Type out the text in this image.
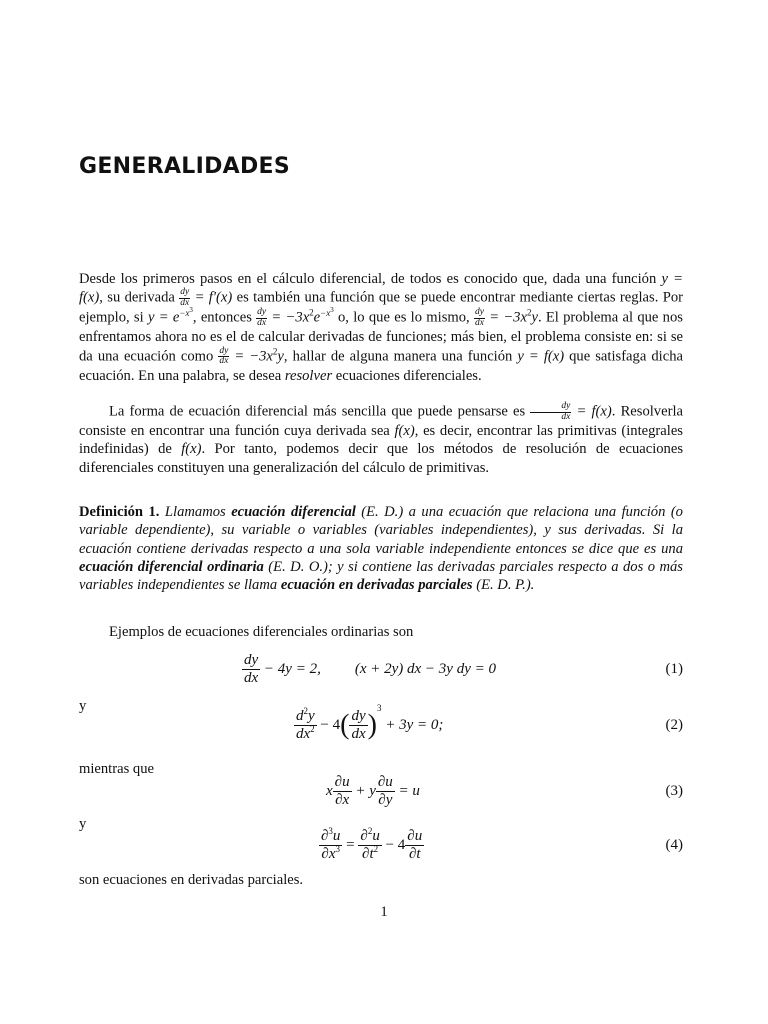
GENERALIDADES
Desde los primeros pasos en el cálculo diferencial, de todos es conocido que, dada una función y = f(x), su derivada $\frac{dy}{dx} = f'(x)$ es también una función que se puede encontrar mediante ciertas reglas. Por ejemplo, si $y = e^{-x^3}$, entonces $\frac{dy}{dx} = -3x^2e^{-x^3}$ o, lo que es lo mismo, $\frac{dy}{dx} = -3x^2y$. El problema al que nos enfrentamos ahora no es el de calcular derivadas de funciones; más bien, el problema consiste en: si se da una ecuación como $\frac{dy}{dx} = -3x^2y$, hallar de alguna manera una función y = f(x) que satisfaga dicha ecuación. En una palabra, se desea resolver ecuaciones diferenciales.
La forma de ecuación diferencial más sencilla que puede pensarse es $\frac{dy}{dx} = f(x)$. Resolverla consiste en encontrar una función cuya derivada sea f(x), es decir, encontrar las primitivas (integrales indefinidas) de f(x). Por tanto, podemos decir que los métodos de resolución de ecuaciones diferenciales constituyen una generalización del cálculo de primitivas.
Definición 1. Llamamos ecuación diferencial (E. D.) a una ecuación que relaciona una función (o variable dependiente), su variable o variables (variables independientes), y sus derivadas. Si la ecuación contiene derivadas respecto a una sola variable independiente entonces se dice que es una ecuación diferencial ordinaria (E. D. O.); y si contiene las derivadas parciales respecto a dos o más variables independientes se llama ecuación en derivadas parciales (E. D. P.).
Ejemplos de ecuaciones diferenciales ordinarias son
$\frac{dy}{dx} - 4y = 2$, (x + 2y) dx − 3y dy = 0	(1)
y
$\frac{d^2y}{dx^2} - 4( \frac{dy}{dx} )^3 + 3y = 0$;	(2)
mientras que
x $\frac{\partial u}{\partial x} + y \frac{\partial u}{\partial y} = u$	(3)
y
$\frac{\partial^3u}{\partial x^3} = \frac{\partial^2u}{\partial t^2} - 4 \frac{\partial u}{\partial t}$	(4)
son ecuaciones en derivadas parciales.
1
